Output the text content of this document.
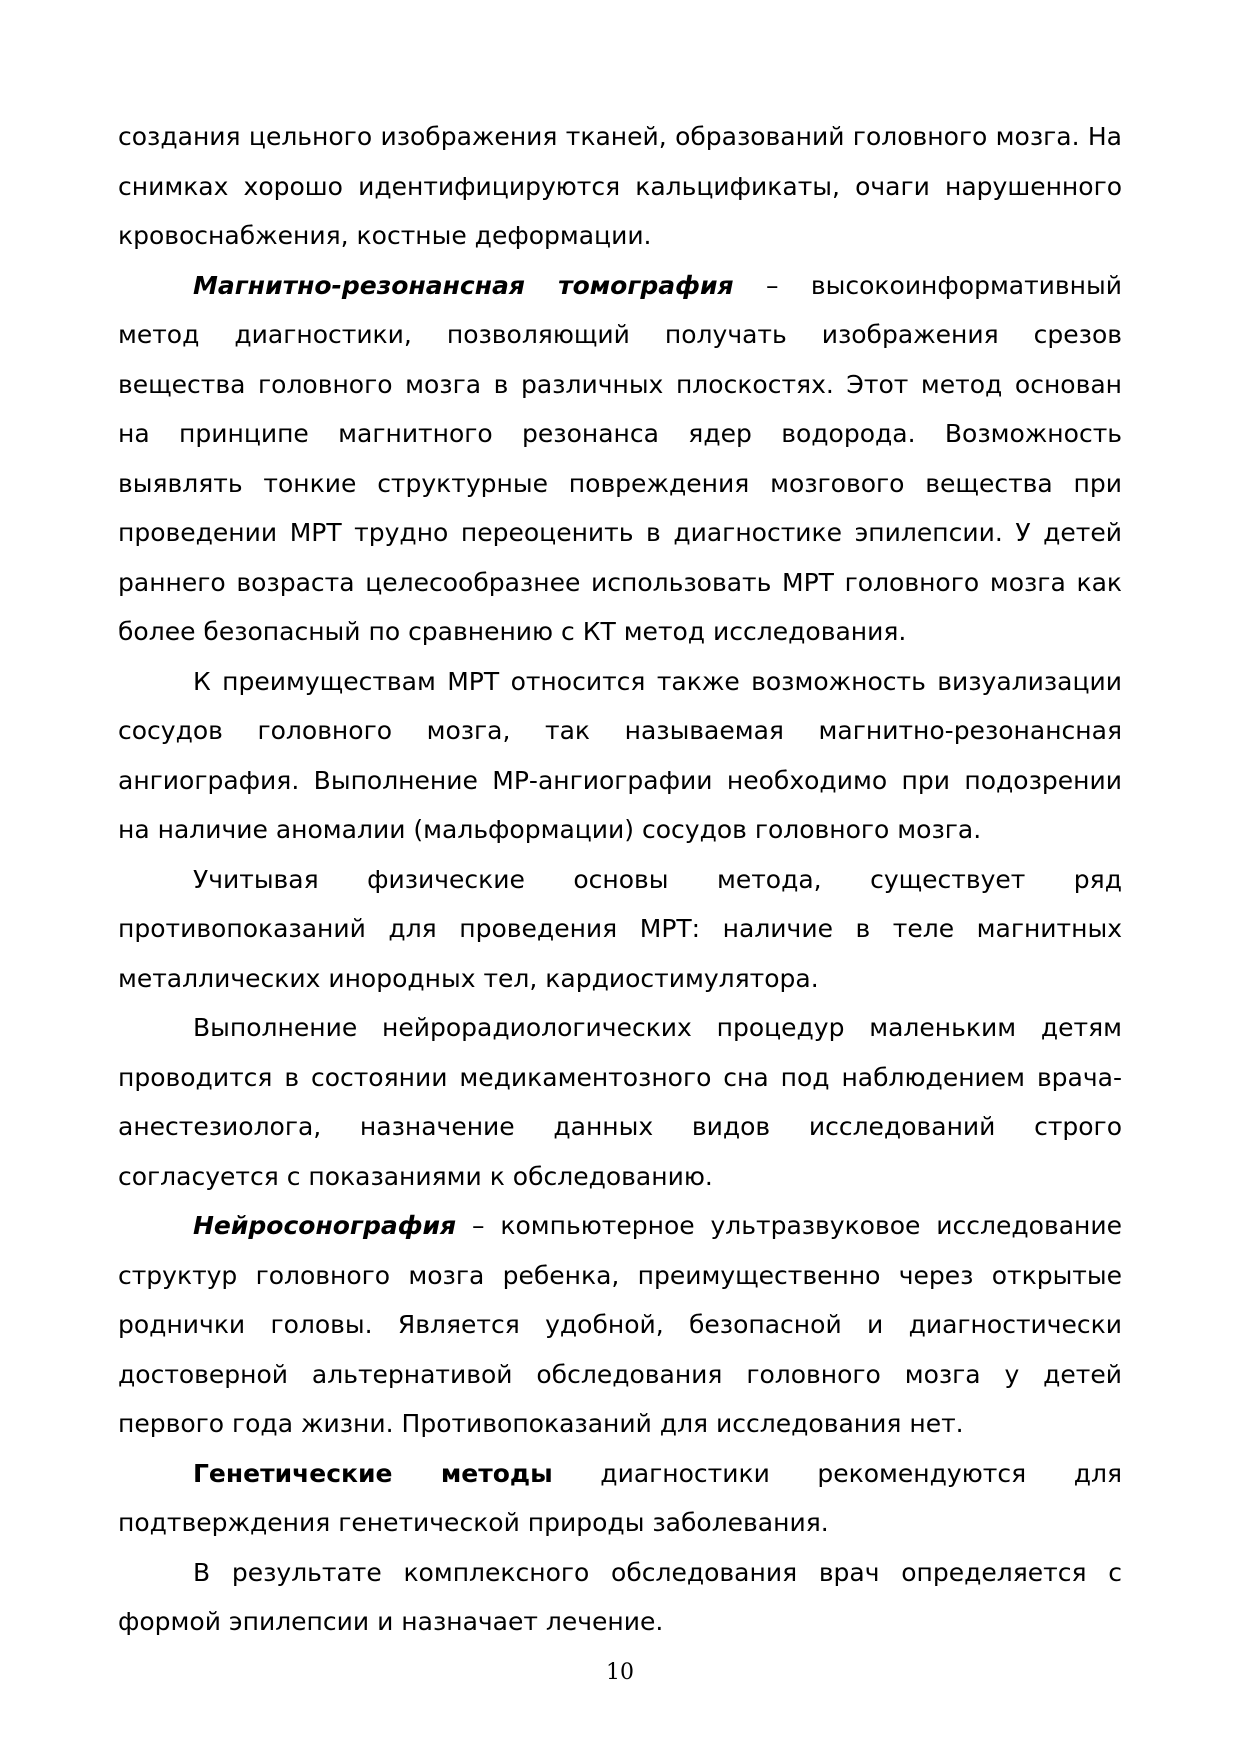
создания цельного изображения тканей, образований головного мозга. На снимках хорошо идентифицируются кальцификаты, очаги нарушенного кровоснабжения, костные деформации.

Магнитно-резонансная томография – высокоинформативный метод диагностики, позволяющий получать изображения срезов вещества головного мозга в различных плоскостях. Этот метод основан на принципе магнитного резонанса ядер водорода. Возможность выявлять тонкие структурные повреждения мозгового вещества при проведении МРТ трудно переоценить в диагностике эпилепсии. У детей раннего возраста целесообразнее использовать МРТ головного мозга как более безопасный по сравнению с КТ метод исследования.

К преимуществам МРТ относится также возможность визуализации сосудов головного мозга, так называемая магнитно-резонансная ангиография. Выполнение МР-ангиографии необходимо при подозрении на наличие аномалии (мальформации) сосудов головного мозга.

Учитывая физические основы метода, существует ряд противопоказаний для проведения МРТ: наличие в теле магнитных металлических инородных тел, кардиостимулятора.

Выполнение нейрорадиологических процедур маленьким детям проводится в состоянии медикаментозного сна под наблюдением врача-анестезиолога, назначение данных видов исследований строго согласуется с показаниями к обследованию.

Нейросонография – компьютерное ультразвуковое исследование структур головного мозга ребенка, преимущественно через открытые роднички головы. Является удобной, безопасной и диагностически достоверной альтернативой обследования головного мозга у детей первого года жизни. Противопоказаний для исследования нет.

Генетические методы диагностики рекомендуются для подтверждения генетической природы заболевания.

В результате комплексного обследования врач определяется с формой эпилепсии и назначает лечение.

10
